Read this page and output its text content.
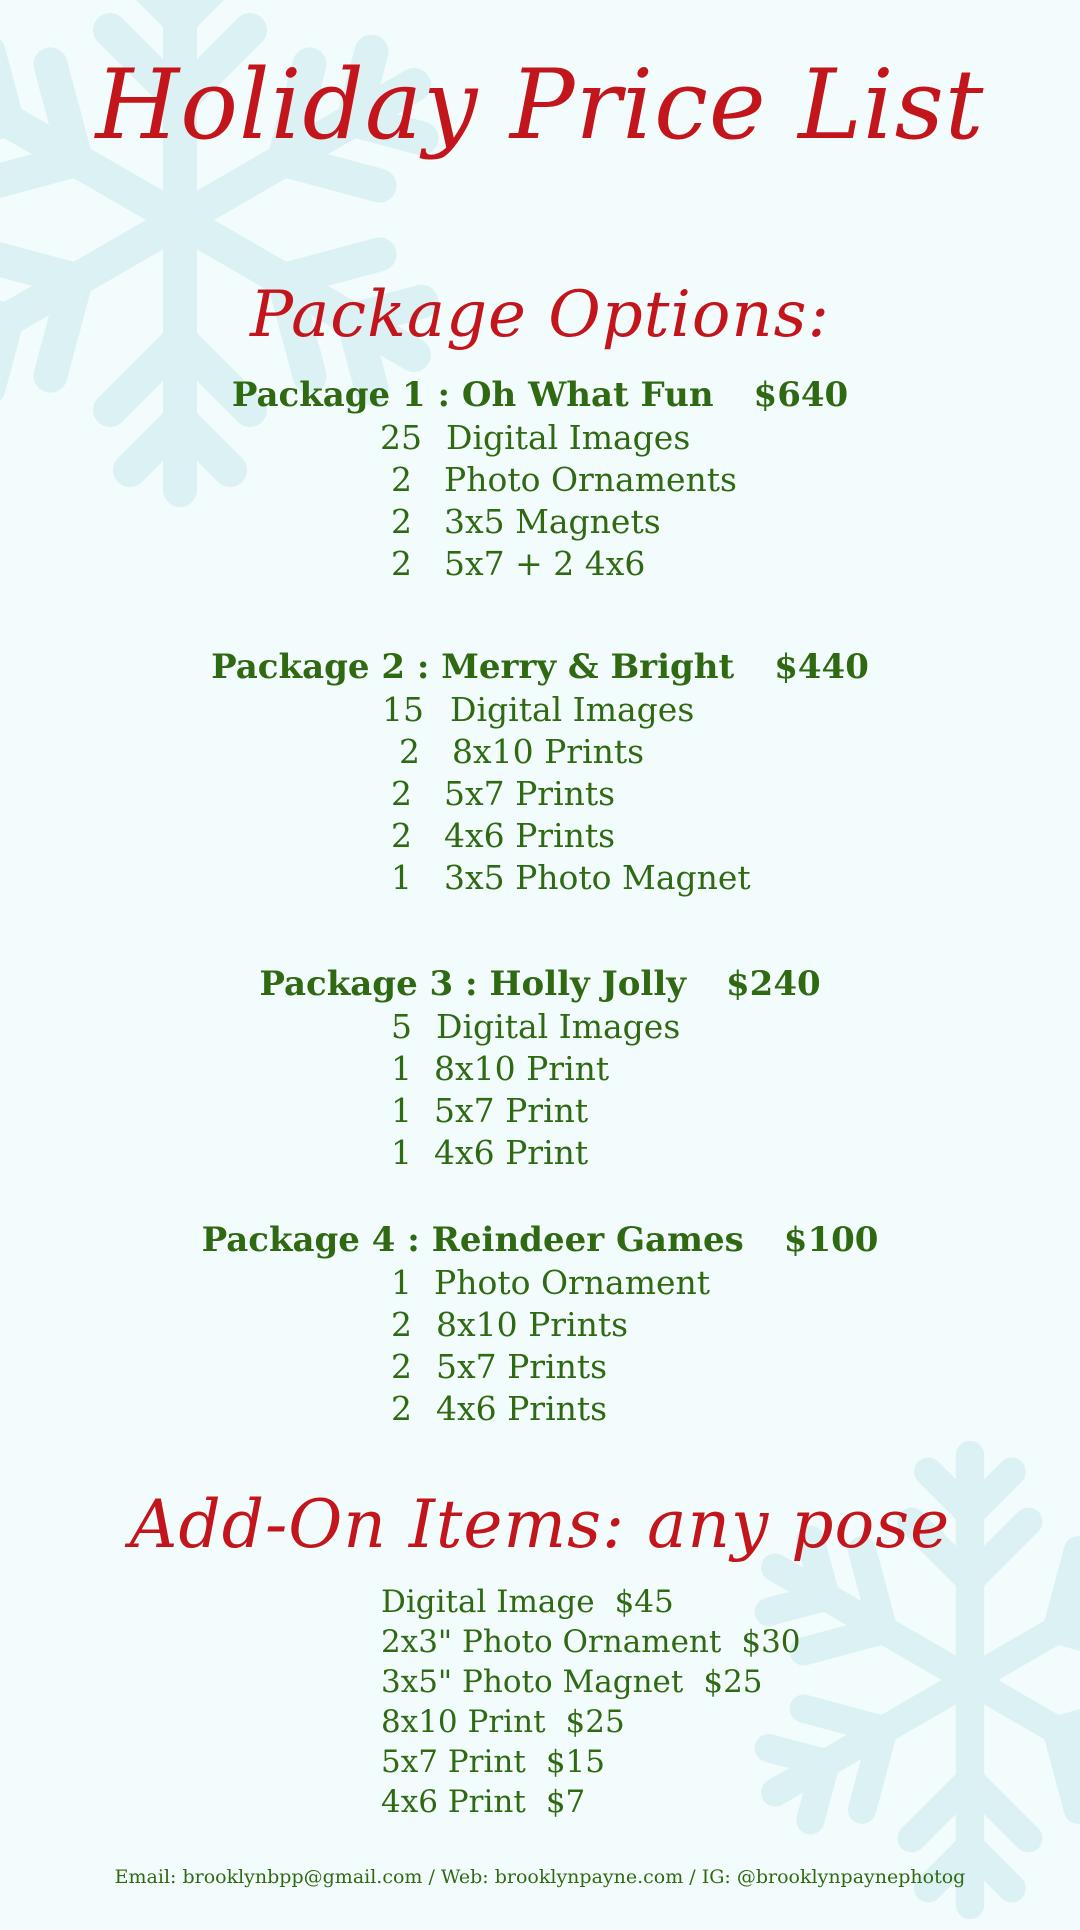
Holiday Price List
Package Options:
Package 1 : Oh What Fun $640
25 Digital Images
2 Photo Ornaments
2 3x5 Magnets
2 5x7 + 2 4x6
Package 2 : Merry & Bright $440
15 Digital Images
2 8x10 Prints
2 5x7 Prints
2 4x6 Prints
1 3x5 Photo Magnet
Package 3 : Holly Jolly $240
5 Digital Images
1 8x10 Print
1 5x7 Print
1 4x6 Print
Package 4 : Reindeer Games $100
1 Photo Ornament
2 8x10 Prints
2 5x7 Prints
2 4x6 Prints
Add-On Items: any pose
Digital Image $45
2x3" Photo Ornament $30
3x5" Photo Magnet $25
8x10 Print $25
5x7 Print $15
4x6 Print $7
Email: brooklynbpp@gmail.com / Web: brooklynpayne.com / IG: @brooklynpaynephotog
